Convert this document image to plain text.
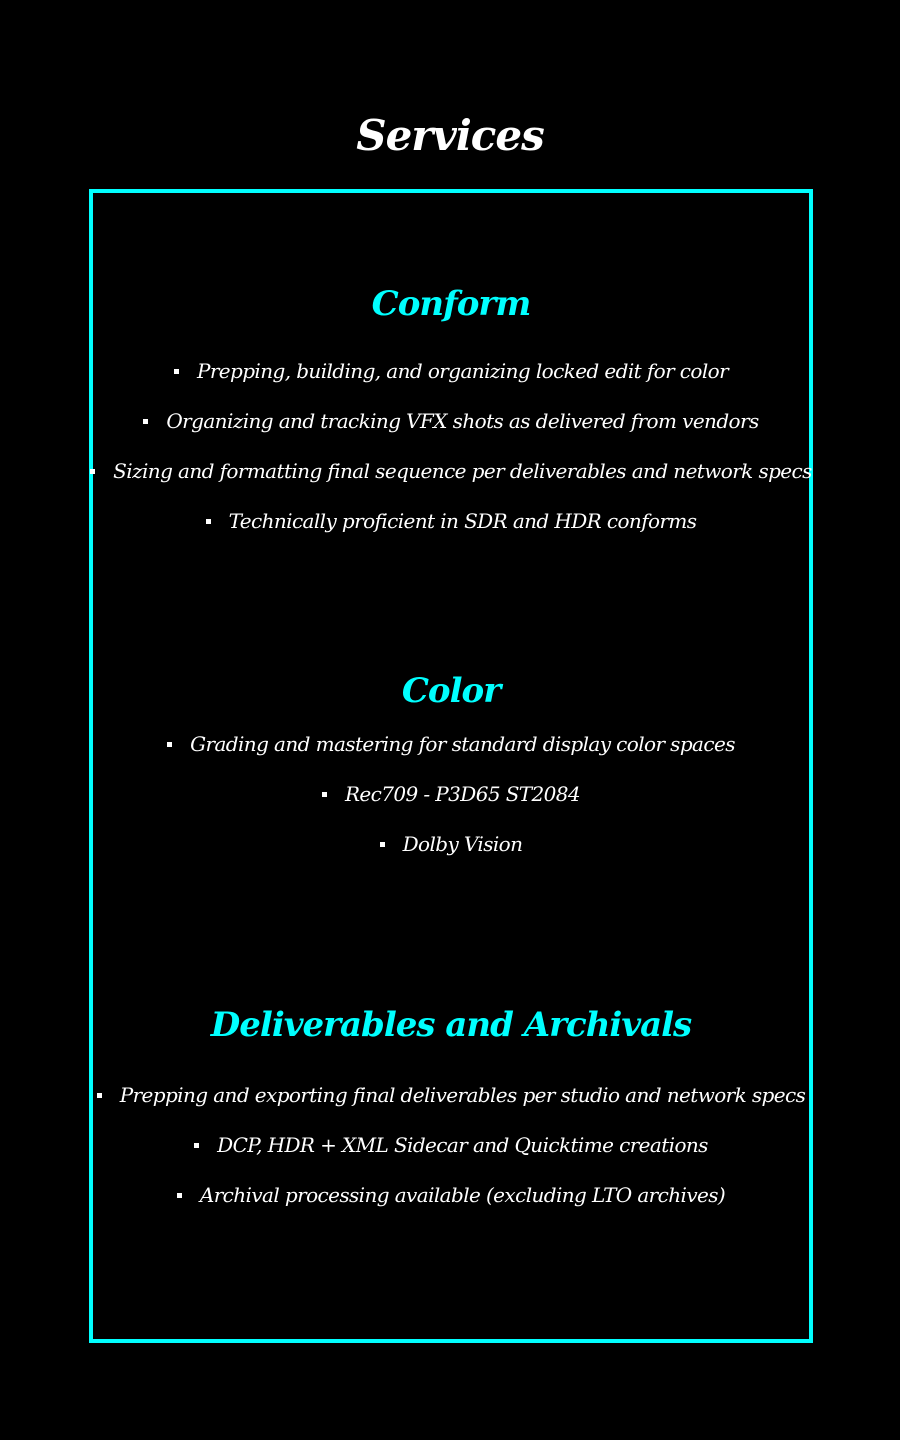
Services
Conform
Prepping, building, and organizing locked edit for color
Organizing and tracking VFX shots as delivered from vendors
Sizing and formatting final sequence per deliverables and network specs
Technically proficient in SDR and HDR conforms
Color
Grading and mastering for standard display color spaces
Rec709 - P3D65 ST2084
Dolby Vision
Deliverables and Archivals
Prepping and exporting final deliverables per studio and network specs
DCP, HDR + XML Sidecar and Quicktime creations
Archival processing available (excluding LTO archives)
